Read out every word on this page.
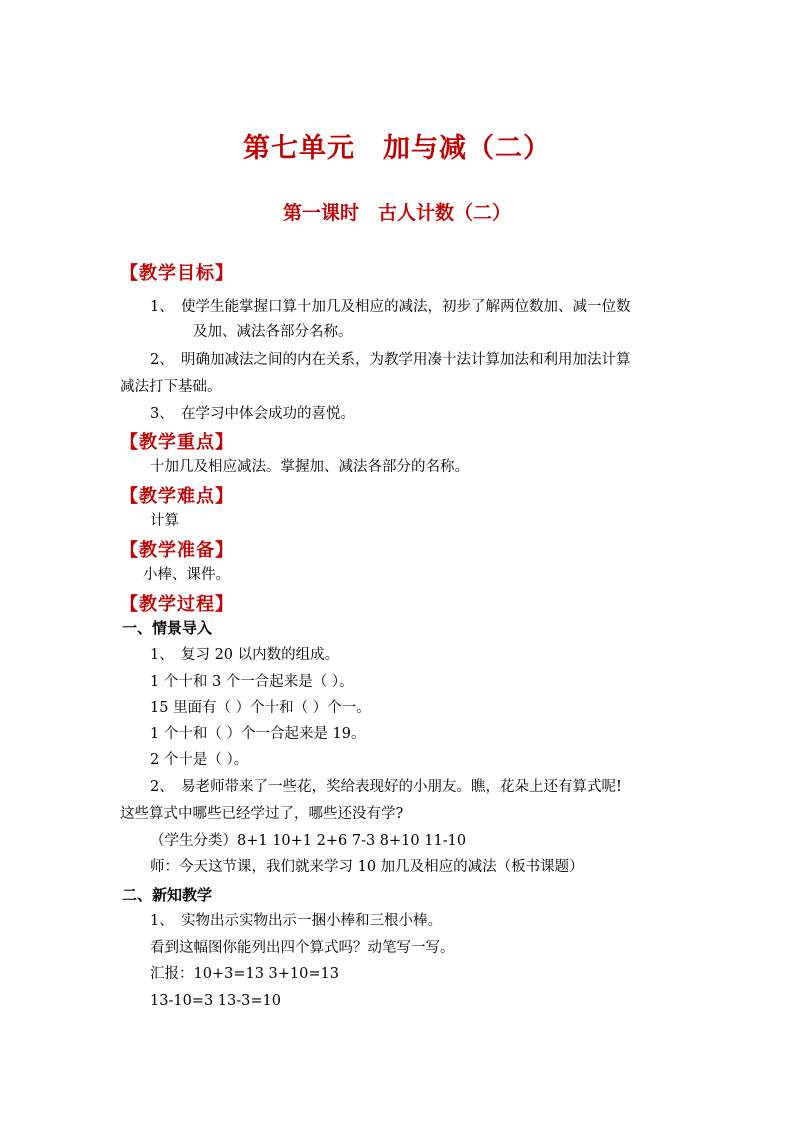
第七单元　加与减（二）
第一课时　古人计数（二）
【教学目标】
1、　使学生能掌握口算十加几及相应的减法，初步了解两位数加、减一位数
及加、减法各部分名称。
2、　明确加减法之间的内在关系，为教学用凑十法计算加法和利用加法计算
减法打下基础。
3、　在学习中体会成功的喜悦。
【教学重点】
十加几及相应减法。掌握加、减法各部分的名称。
【教学难点】
计算
【教学准备】
小棒、课件。
【教学过程】
一、情景导入
1、　复习 20 以内数的组成。
1 个十和 3 个一合起来是（ ）。
15 里面有（ ）个十和（ ）个一。
1 个十和（ ）个一合起来是 19。
2 个十是（ ）。
2、　易老师带来了一些花，奖给表现好的小朋友。瞧，花朵上还有算式呢!
这些算式中哪些已经学过了，哪些还没有学?
（学生分类）8+1 10+1 2+6 7-3 8+10 11-10
师：今天这节课，我们就来学习 10 加几及相应的减法（板书课题）
二、新知教学
1、　实物出示实物出示一捆小棒和三根小棒。
看到这幅图你能列出四个算式吗？动笔写一写。
汇报：10+3=13 3+10=13
13-10=3 13-3=10
